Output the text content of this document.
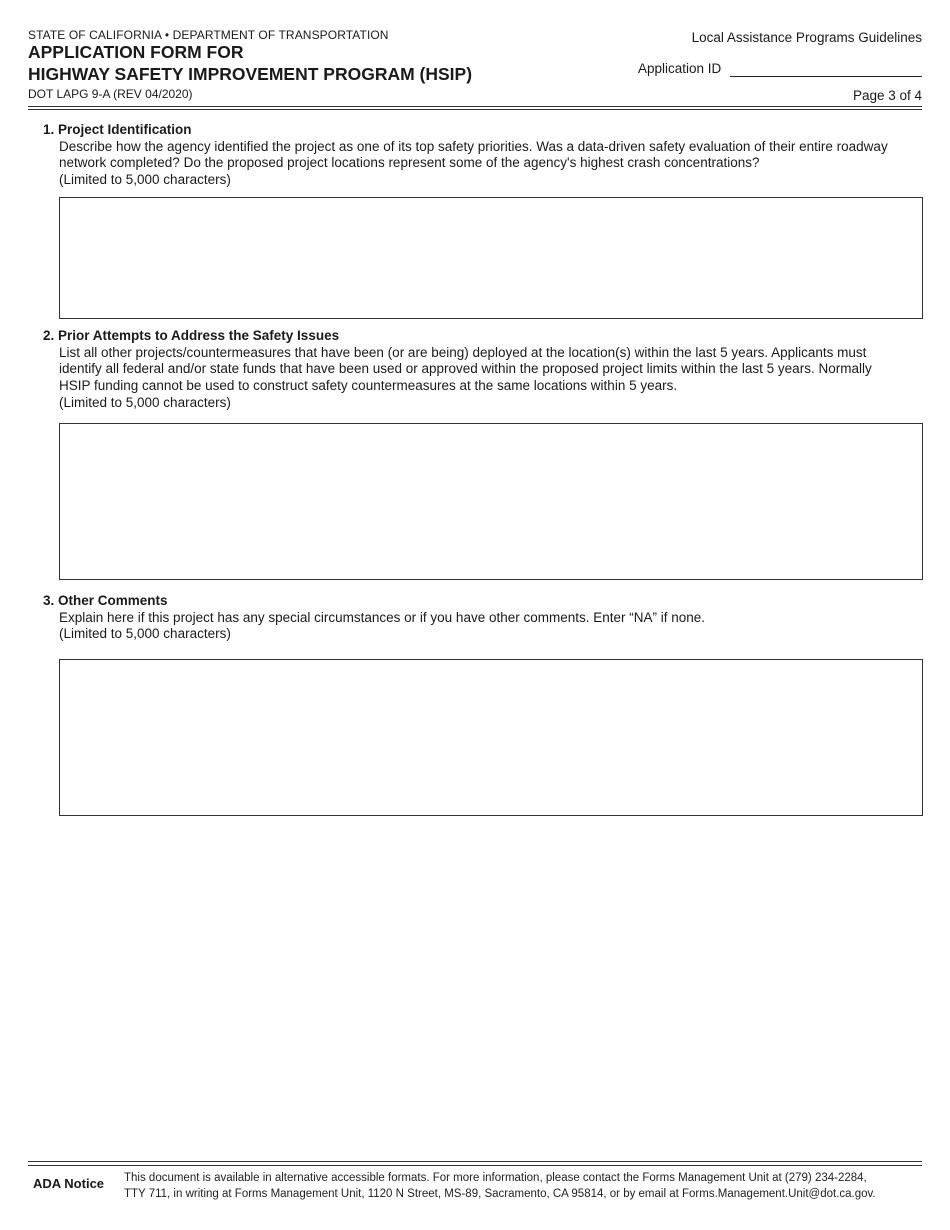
STATE OF CALIFORNIA • DEPARTMENT OF TRANSPORTATION
APPLICATION FORM FOR
HIGHWAY SAFETY IMPROVEMENT PROGRAM (HSIP)
DOT LAPG 9-A (REV 04/2020)
Local Assistance Programs Guidelines
Application ID
Page 3 of 4
1. Project Identification
Describe how the agency identified the project as one of its top safety priorities. Was a data-driven safety evaluation of their entire roadway
network completed? Do the proposed project locations represent some of the agency's highest crash concentrations?
(Limited to 5,000 characters)
2. Prior Attempts to Address the Safety Issues
List all other projects/countermeasures that have been (or are being) deployed at the location(s) within the last 5 years. Applicants must
identify all federal and/or state funds that have been used or approved within the proposed project limits within the last 5 years. Normally
HSIP funding cannot be used to construct safety countermeasures at the same locations within 5 years.
(Limited to 5,000 characters)
3. Other Comments
Explain here if this project has any special circumstances or if you have other comments. Enter “NA” if none.
(Limited to 5,000 characters)
ADA Notice This document is available in alternative accessible formats. For more information, please contact the Forms Management Unit at (279) 234-2284,
TTY 711, in writing at Forms Management Unit, 1120 N Street, MS-89, Sacramento, CA 95814, or by email at Forms.Management.Unit@dot.ca.gov.
